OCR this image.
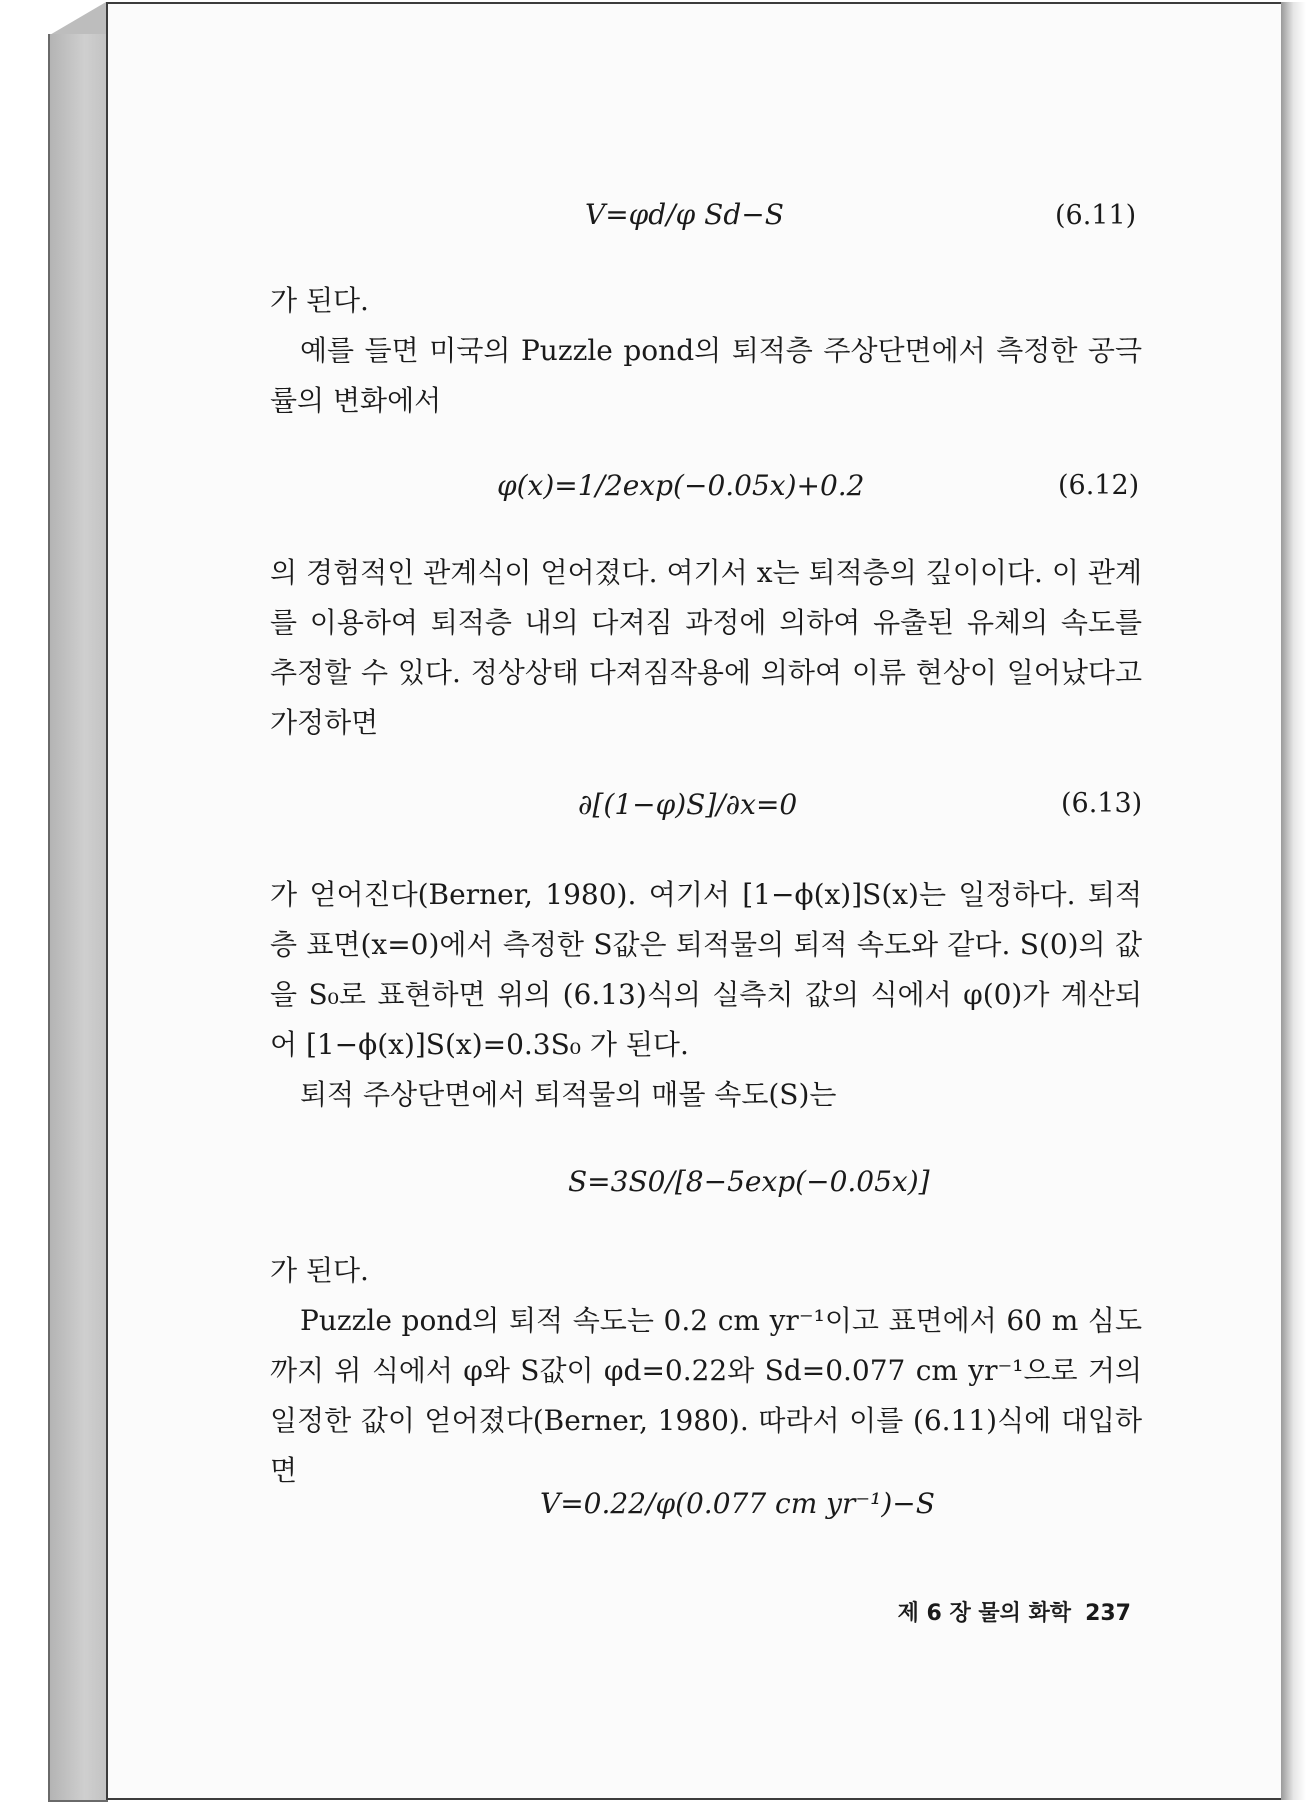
V=φd/φ Sd−S	(6.11)
가 된다.
예를 들면 미국의 Puzzle pond의 퇴적층 주상단면에서 측정한 공극률의 변화에서
φ(x)=1/2exp(−0.05x)+0.2	(6.12)
의 경험적인 관계식이 얻어졌다. 여기서 x는 퇴적층의 깊이이다. 이 관계를 이용하여 퇴적층 내의 다져짐 과정에 의하여 유출된 유체의 속도를 추정할 수 있다. 정상상태 다져짐작용에 의하여 이류 현상이 일어났다고 가정하면
∂[(1−φ)S]/∂x=0	(6.13)
가 얻어진다(Berner, 1980). 여기서 [1−ϕ(x)]S(x)는 일정하다. 퇴적층 표면(x=0)에서 측정한 S값은 퇴적물의 퇴적 속도와 같다. S(0)의 값을 S₀로 표현하면 위의 (6.13)식의 실측치 값의 식에서 φ(0)가 계산되어 [1−ϕ(x)]S(x)=0.3S₀ 가 된다.
퇴적 주상단면에서 퇴적물의 매몰 속도(S)는
S=3S0/[8−5exp(−0.05x)]
가 된다.
Puzzle pond의 퇴적 속도는 0.2 cm yr⁻¹이고 표면에서 60 m 심도까지 위 식에서 φ와 S값이 φd=0.22와 Sd=0.077 cm yr⁻¹으로 거의 일정한 값이 얻어졌다(Berner, 1980). 따라서 이를 (6.11)식에 대입하면
V=0.22/φ(0.077 cm yr⁻¹)−S
제 6 장 물의 화학 237
